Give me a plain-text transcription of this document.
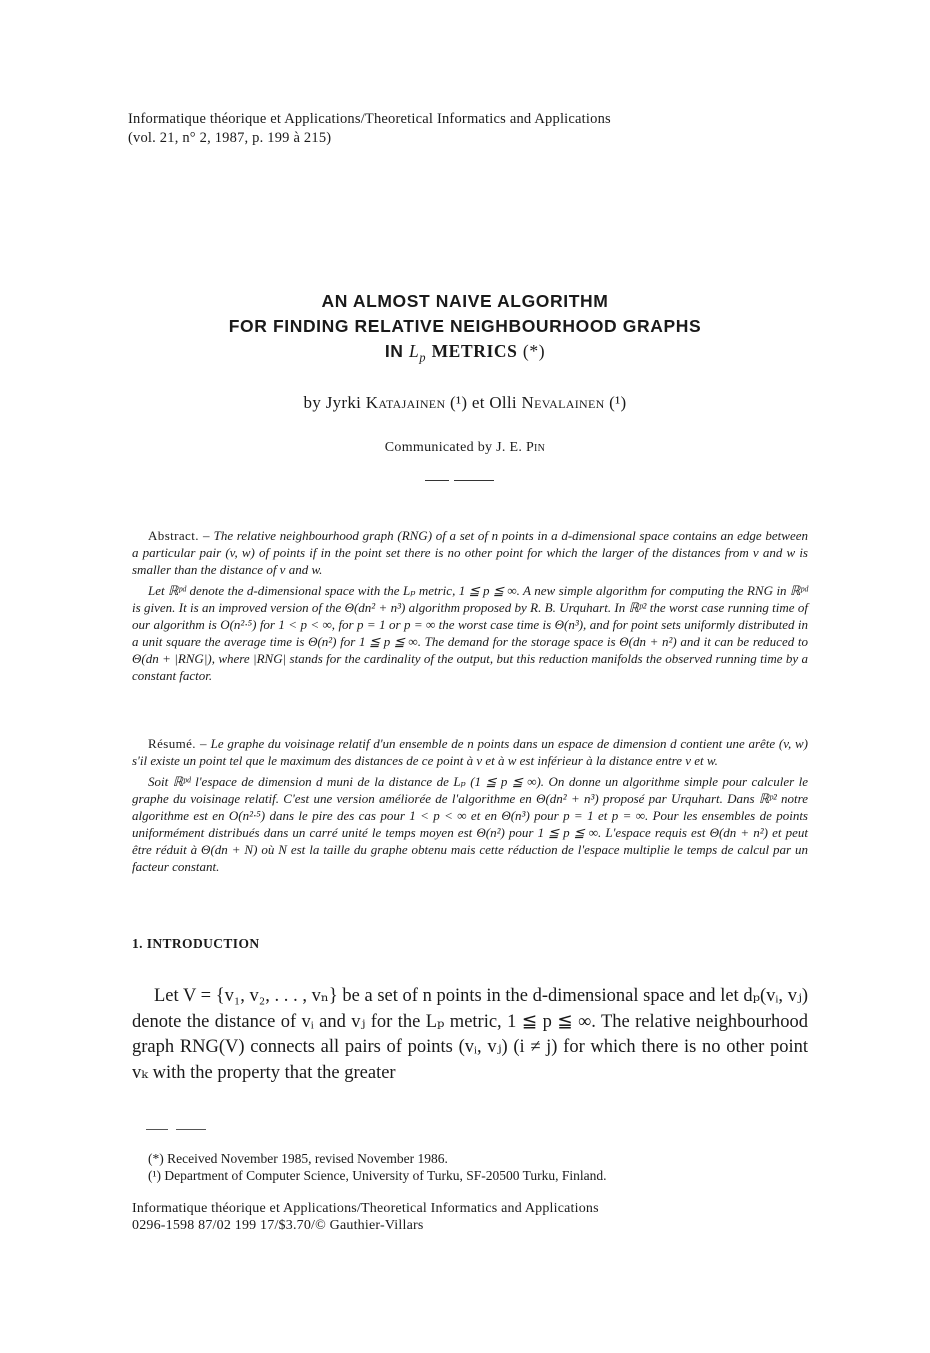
Informatique théorique et Applications/Theoretical Informatics and Applications
(vol. 21, n° 2, 1987, p. 199 à 215)
AN ALMOST NAIVE ALGORITHM
FOR FINDING RELATIVE NEIGHBOURHOOD GRAPHS
IN $L_p$ METRICS (*)
by Jyrki Katajainen (¹) et Olli Nevalainen (¹)
Communicated by J. E. Pin

Abstract. – The relative neighbourhood graph (RNG) of a set of n points in a d-dimensional space contains an edge between a particular pair (v, w) of points if in the point set there is no other point for which the larger of the distances from v and w is smaller than the distance of v and w.

Let ℝᵖᵈ denote the d-dimensional space with the Lₚ metric, 1 ≦ p ≦ ∞. A new simple algorithm for computing the RNG in ℝᵖᵈ is given. It is an improved version of the Θ(dn² + n³) algorithm proposed by R. B. Urquhart. In ℝᵖ² the worst case running time of our algorithm is O(n²·⁵) for 1 < p < ∞, for p = 1 or p = ∞ the worst case time is Θ(n³), and for point sets uniformly distributed in a unit square the average time is Θ(n²) for 1 ≦ p ≦ ∞. The demand for the storage space is Θ(dn + n²) and it can be reduced to Θ(dn + |RNG|), where |RNG| stands for the cardinality of the output, but this reduction manifolds the observed running time by a constant factor.

Résumé. – Le graphe du voisinage relatif d'un ensemble de n points dans un espace de dimension d contient une arête (v, w) s'il existe un point tel que le maximum des distances de ce point à v et à w est inférieur à la distance entre v et w.

Soit ℝᵖᵈ l'espace de dimension d muni de la distance de Lₚ (1 ≦ p ≦ ∞). On donne un algorithme simple pour calculer le graphe du voisinage relatif. C'est une version améliorée de l'algorithme en Θ(dn² + n³) proposé par Urquhart. Dans ℝᵖ² notre algorithme est en O(n²·⁵) dans le pire des cas pour 1 < p < ∞ et en Θ(n³) pour p = 1 et p = ∞. Pour les ensembles de points uniformément distribués dans un carré unité le temps moyen est Θ(n²) pour 1 ≦ p ≦ ∞. L'espace requis est Θ(dn + n²) et peut être réduit à Θ(dn + N) où N est la taille du graphe obtenu mais cette réduction de l'espace multiplie le temps de calcul par un facteur constant.

1. INTRODUCTION

Let V = {v₁, v₂, . . . , vₙ} be a set of n points in the d-dimensional space and let dₚ(vᵢ, vⱼ) denote the distance of vᵢ and vⱼ for the Lₚ metric, 1 ≦ p ≦ ∞. The relative neighbourhood graph RNG(V) connects all pairs of points (vᵢ, vⱼ) (i ≠ j) for which there is no other point vₖ with the property that the greater

(*) Received November 1985, revised November 1986.
(¹) Department of Computer Science, University of Turku, SF-20500 Turku, Finland.
Informatique théorique et Applications/Theoretical Informatics and Applications
0296-1598 87/02 199 17/$3.70/© Gauthier-Villars
